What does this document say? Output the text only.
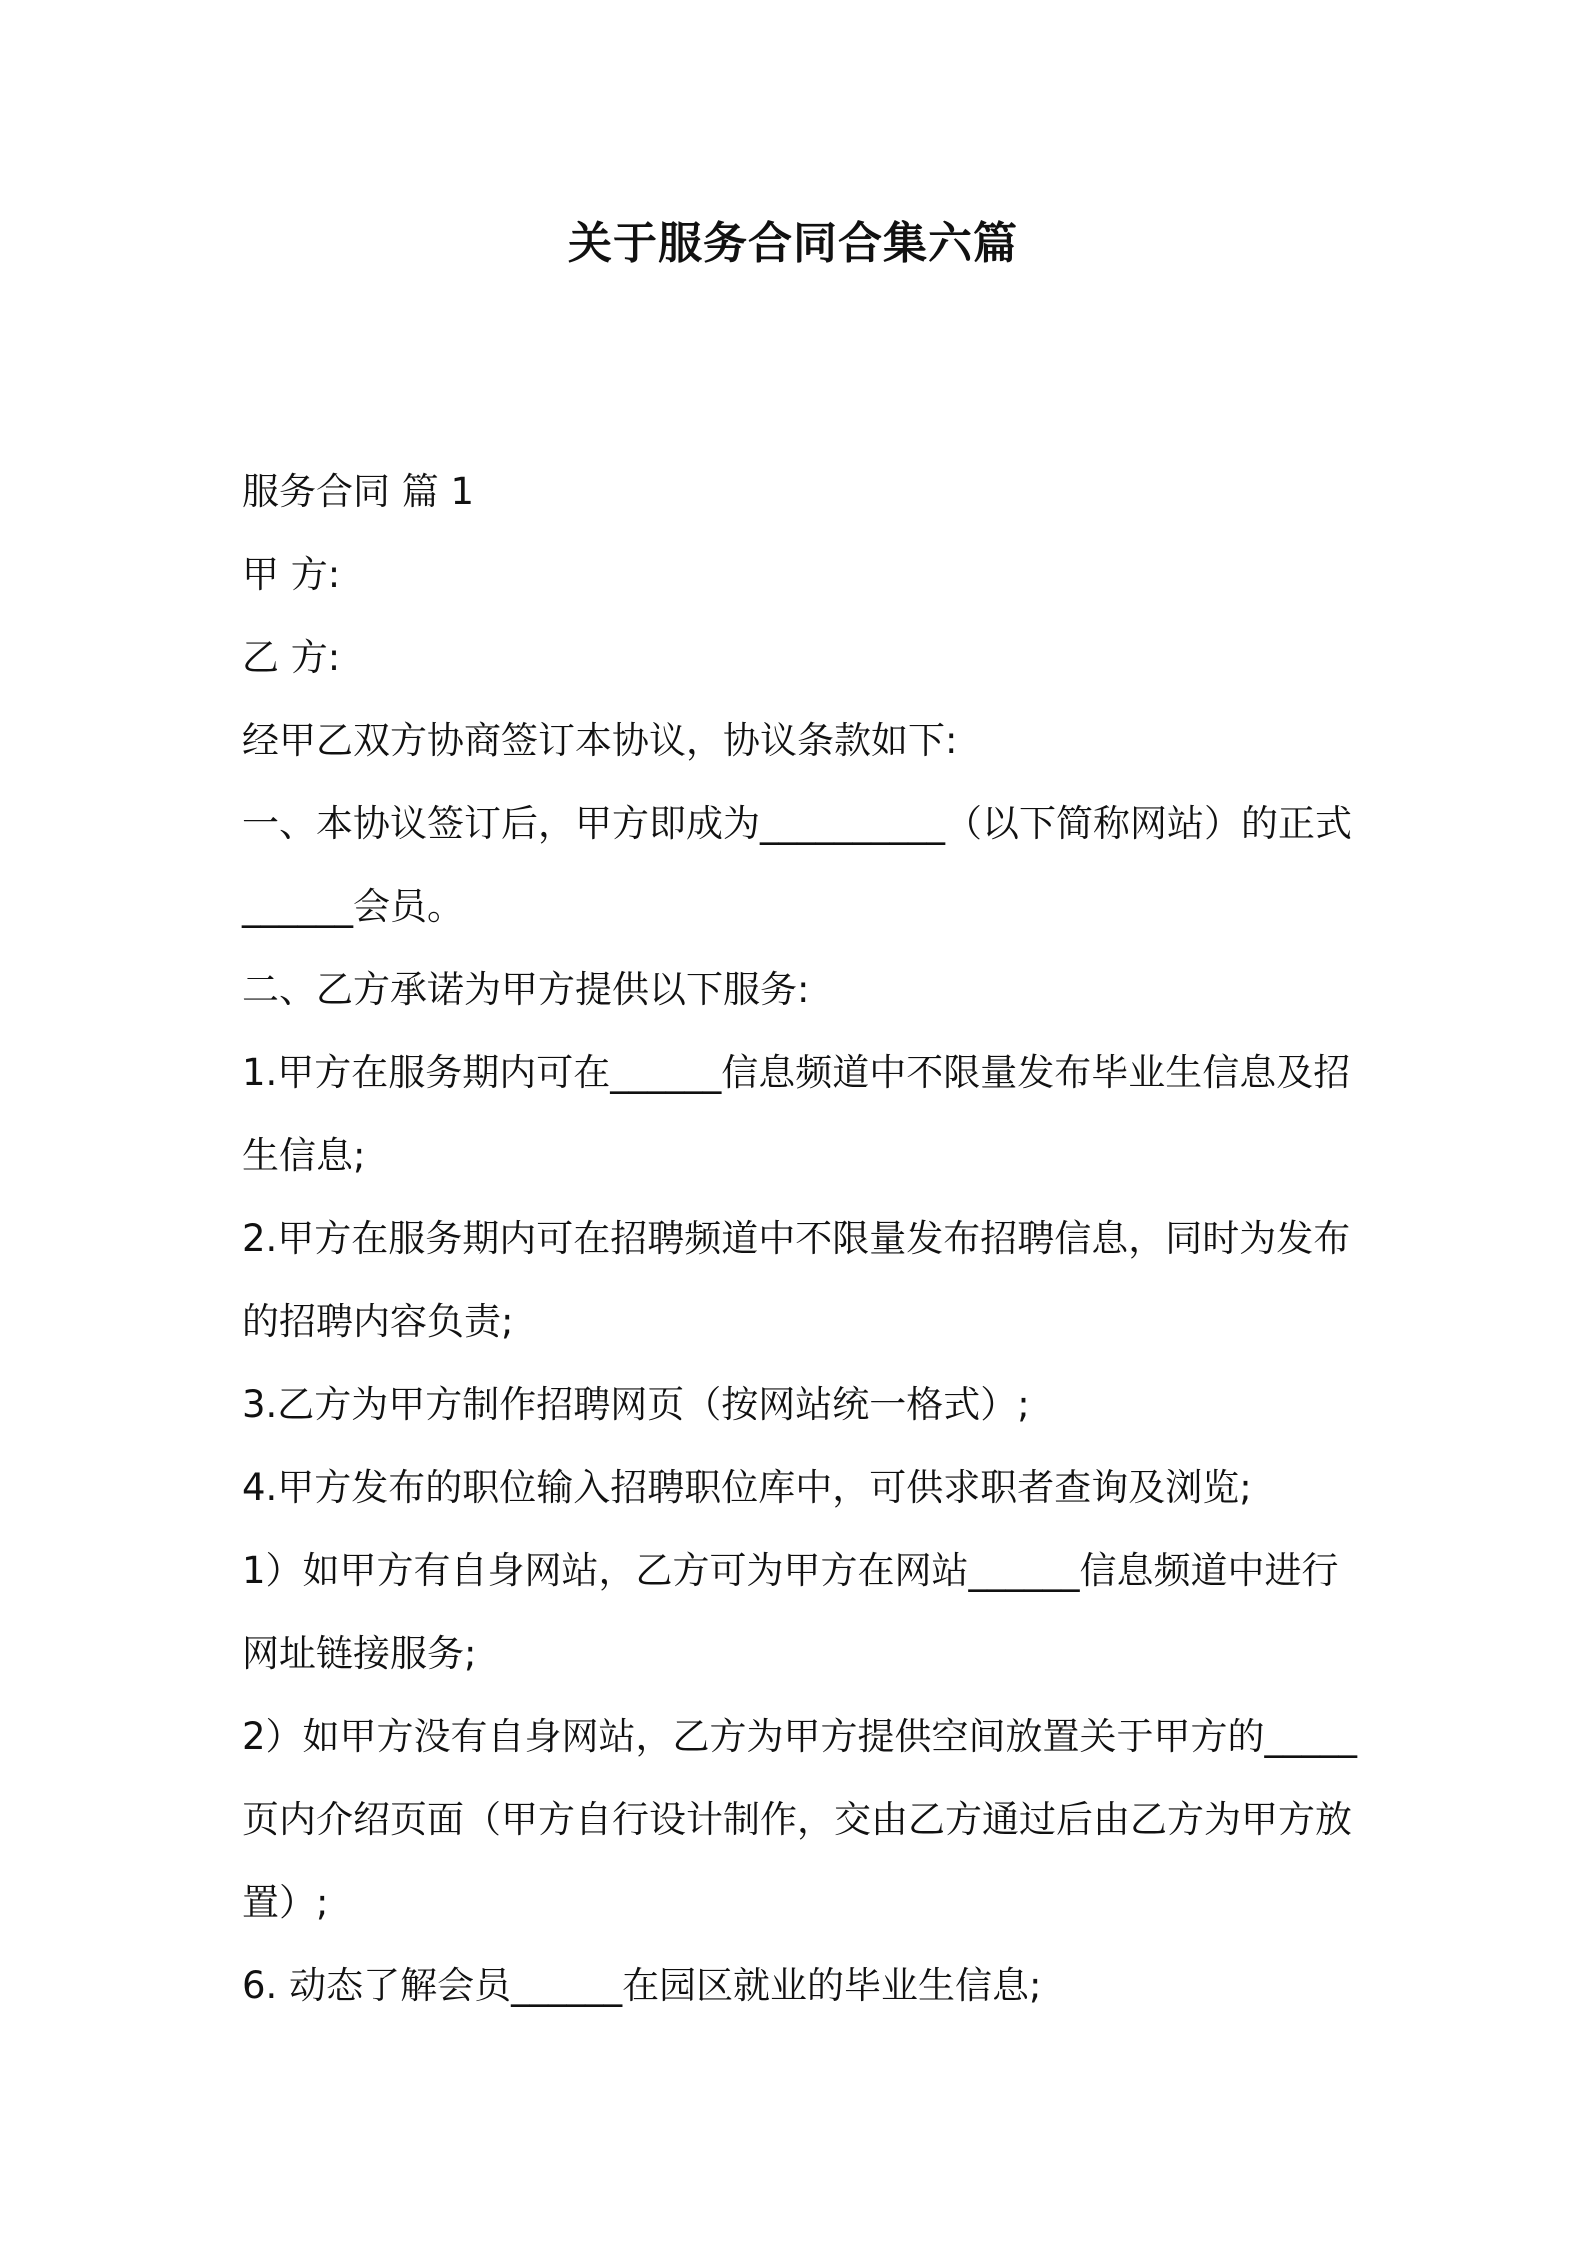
关于服务合同合集六篇

服务合同 篇 1

甲 方:

乙 方:

经甲乙双方协商签订本协议，协议条款如下:

一、本协议签订后，甲方即成为__________（以下简称网站）的正式______会员。

二、乙方承诺为甲方提供以下服务:

1.甲方在服务期内可在______信息频道中不限量发布毕业生信息及招生信息;

2.甲方在服务期内可在招聘频道中不限量发布招聘信息，同时为发布的招聘内容负责;

3.乙方为甲方制作招聘网页（按网站统一格式）;

4.甲方发布的职位输入招聘职位库中，可供求职者查询及浏览;

1）如甲方有自身网站，乙方可为甲方在网站______信息频道中进行网址链接服务;

2）如甲方没有自身网站，乙方为甲方提供空间放置关于甲方的_____页内介绍页面（甲方自行设计制作，交由乙方通过后由乙方为甲方放置）;

6. 动态了解会员______在园区就业的毕业生信息;
